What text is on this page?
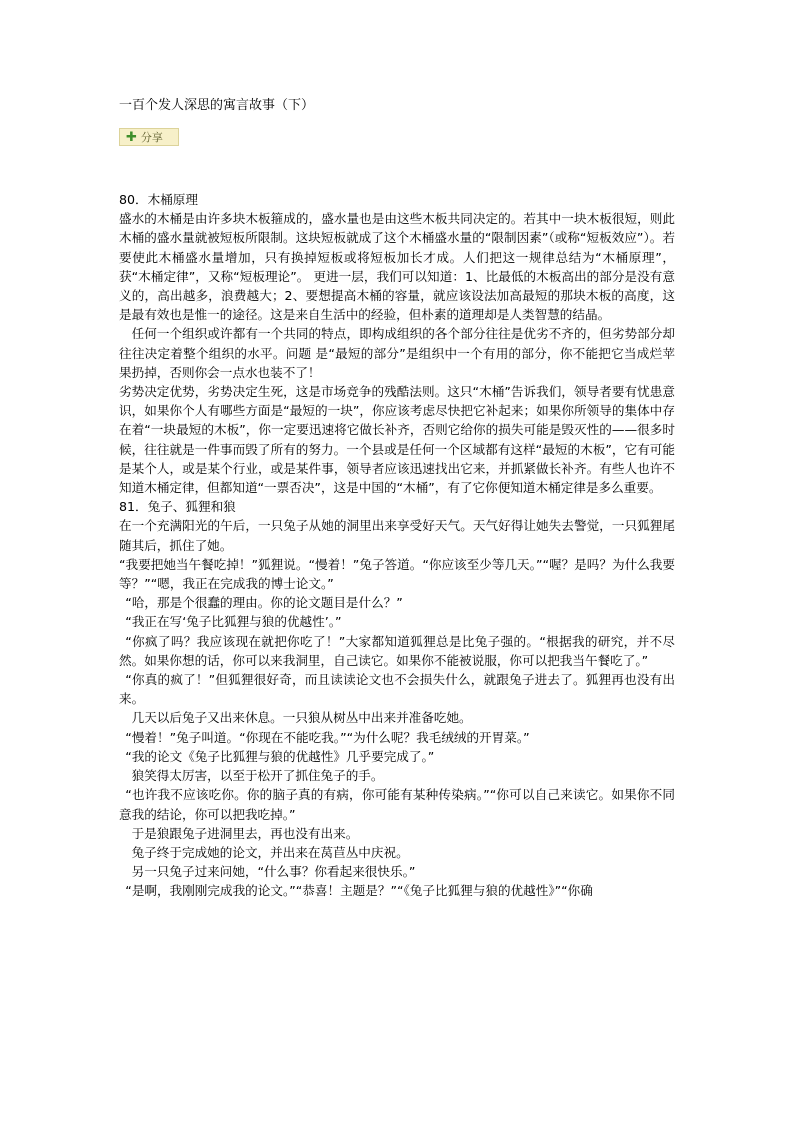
一百个发人深思的寓言故事（下）
✚ 分享

80．木桶原理

盛水的木桶是由许多块木板箍成的，盛水量也是由这些木板共同决定的。若其中一块木板很短，则此木桶的盛水量就被短板所限制。这块短板就成了这个木桶盛水量的“限制因素”（或称“短板效应”）。若要使此木桶盛水量增加，只有换掉短板或将短板加长才成。人们把这一规律总结为“木桶原理”，获“木桶定律”，又称“短板理论”。 更进一层，我们可以知道：1、比最低的木板高出的部分是没有意义的，高出越多，浪费越大；2、要想提高木桶的容量，就应该设法加高最短的那块木板的高度，这是最有效也是惟一的途径。这是来自生活中的经验，但朴素的道理却是人类智慧的结晶。

任何一个组织或许都有一个共同的特点，即构成组织的各个部分往往是优劣不齐的，但劣势部分却往往决定着整个组织的水平。问题 是“最短的部分”是组织中一个有用的部分，你不能把它当成烂苹果扔掉，否则你会一点水也装不了！

劣势决定优势，劣势决定生死，这是市场竞争的残酷法则。这只“木桶”告诉我们，领导者要有忧患意识，如果你个人有哪些方面是“最短的一块”，你应该考虑尽快把它补起来；如果你所领导的集体中存在着“一块最短的木板”，你一定要迅速将它做长补齐，否则它给你的损失可能是毁灭性的——很多时候，往往就是一件事而毁了所有的努力。一个县或是任何一个区域都有这样“最短的木板”，它有可能是某个人，或是某个行业，或是某件事，领导者应该迅速找出它来，并抓紧做长补齐。有些人也许不知道木桶定律，但都知道“一票否决”，这是中国的“木桶”，有了它你便知道木桶定律是多么重要。

81．兔子、狐狸和狼

在一个充满阳光的午后，一只兔子从她的洞里出来享受好天气。天气好得让她失去警觉，一只狐狸尾随其后，抓住了她。

“我要把她当午餐吃掉！”狐狸说。“慢着！”兔子答道。“你应该至少等几天。”“喔？是吗？为什么我要等？”“嗯，我正在完成我的博士论文。”

“哈，那是个很蠢的理由。你的论文题目是什么？”

“我正在写‘兔子比狐狸与狼的优越性’。”

“你疯了吗？我应该现在就把你吃了！”大家都知道狐狸总是比兔子强的。“根据我的研究，并不尽然。如果你想的话，你可以来我洞里，自己读它。如果你不能被说服，你可以把我当午餐吃了。”

“你真的疯了！”但狐狸很好奇，而且读读论文也不会损失什么，就跟兔子进去了。狐狸再也没有出来。

几天以后兔子又出来休息。一只狼从树丛中出来并准备吃她。

“慢着！”兔子叫道。“你现在不能吃我。”“为什么呢？我毛绒绒的开胃菜。”

“我的论文《兔子比狐狸与狼的优越性》几乎要完成了。”

狼笑得太厉害，以至于松开了抓住兔子的手。

“也许我不应该吃你。你的脑子真的有病，你可能有某种传染病。”“你可以自己来读它。如果你不同意我的结论，你可以把我吃掉。”

于是狼跟兔子进洞里去，再也没有出来。

兔子终于完成她的论文，并出来在莴苣丛中庆祝。

另一只兔子过来问她，“什么事？你看起来很快乐。”

“是啊，我刚刚完成我的论文。”“恭喜！主题是？”“《兔子比狐狸与狼的优越性》”“你确
